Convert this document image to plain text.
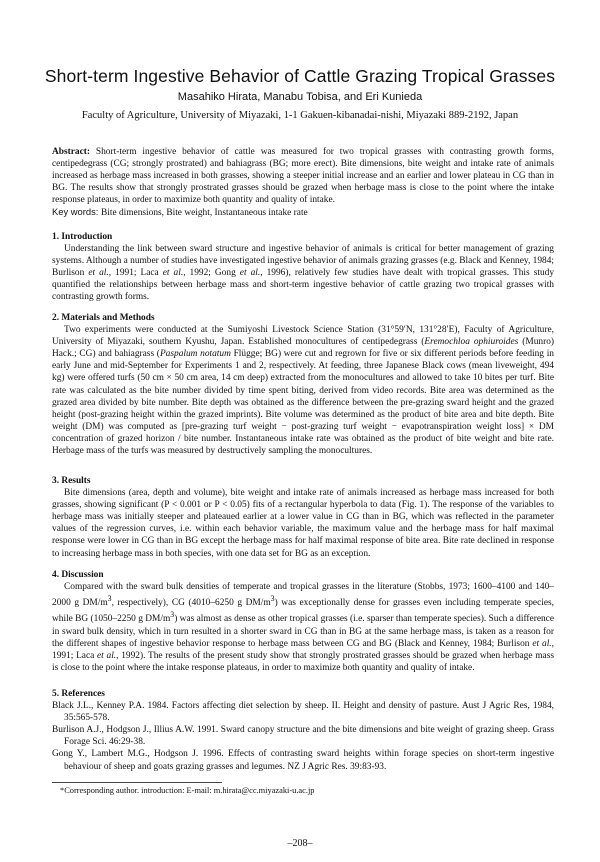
Short-term Ingestive Behavior of Cattle Grazing Tropical Grasses
Masahiko Hirata, Manabu Tobisa, and Eri Kunieda
Faculty of Agriculture, University of Miyazaki, 1-1 Gakuen-kibanadai-nishi, Miyazaki 889-2192, Japan

Abstract: Short-term ingestive behavior of cattle was measured for two tropical grasses with contrasting growth forms, centipedegrass (CG; strongly prostrated) and bahiagrass (BG; more erect). Bite dimensions, bite weight and intake rate of animals increased as herbage mass increased in both grasses, showing a steeper initial increase and an earlier and lower plateau in CG than in BG. The results show that strongly prostrated grasses should be grazed when herbage mass is close to the point where the intake response plateaus, in order to maximize both quantity and quality of intake.

Key words: Bite dimensions, Bite weight, Instantaneous intake rate

1. Introduction

Understanding the link between sward structure and ingestive behavior of animals is critical for better management of grazing systems. Although a number of studies have investigated ingestive behavior of animals grazing grasses (e.g. Black and Kenney, 1984; Burlison et al., 1991; Laca et al., 1992; Gong et al., 1996), relatively few studies have dealt with tropical grasses. This study quantified the relationships between herbage mass and short-term ingestive behavior of cattle grazing two tropical grasses with contrasting growth forms.

2. Materials and Methods

Two experiments were conducted at the Sumiyoshi Livestock Science Station (31°59′N, 131°28′E), Faculty of Agriculture, University of Miyazaki, southern Kyushu, Japan. Established monocultures of centipedegrass (Eremochloa ophiuroides (Munro) Hack.; CG) and bahiagrass (Paspalum notatum Flügge; BG) were cut and regrown for five or six different periods before feeding in early June and mid-September for Experiments 1 and 2, respectively. At feeding, three Japanese Black cows (mean liveweight, 494 kg) were offered turfs (50 cm × 50 cm area, 14 cm deep) extracted from the monocultures and allowed to take 10 bites per turf. Bite rate was calculated as the bite number divided by time spent biting, derived from video records. Bite area was determined as the grazed area divided by bite number. Bite depth was obtained as the difference between the pre-grazing sward height and the grazed height (post-grazing height within the grazed imprints). Bite volume was determined as the product of bite area and bite depth. Bite weight (DM) was computed as [pre-grazing turf weight − post-grazing turf weight − evapotranspiration weight loss] × DM concentration of grazed horizon / bite number. Instantaneous intake rate was obtained as the product of bite weight and bite rate. Herbage mass of the turfs was measured by destructively sampling the monocultures.

3. Results

Bite dimensions (area, depth and volume), bite weight and intake rate of animals increased as herbage mass increased for both grasses, showing significant (P < 0.001 or P < 0.05) fits of a rectangular hyperbola to data (Fig. 1). The response of the variables to herbage mass was initially steeper and plateaued earlier at a lower value in CG than in BG, which was reflected in the parameter values of the regression curves, i.e. within each behavior variable, the maximum value and the herbage mass for half maximal response were lower in CG than in BG except the herbage mass for half maximal response of bite area. Bite rate declined in response to increasing herbage mass in both species, with one data set for BG as an exception.

4. Discussion

Compared with the sward bulk densities of temperate and tropical grasses in the literature (Stobbs, 1973; 1600–4100 and 140–2000 g $DM/m^3$, respectively), CG (4010–6250 g $DM/m^3$) was exceptionally dense for grasses even including temperate species, while BG (1050–2250 g $DM/m^3$) was almost as dense as other tropical grasses (i.e. sparser than temperate species). Such a difference in sward bulk density, which in turn resulted in a shorter sward in CG than in BG at the same herbage mass, is taken as a reason for the different shapes of ingestive behavior response to herbage mass between CG and BG (Black and Kenney, 1984; Burlison et al., 1991; Laca et al., 1992). The results of the present study show that strongly prostrated grasses should be grazed when herbage mass is close to the point where the intake response plateaus, in order to maximize both quantity and quality of intake.

5. References

Black J.L., Kenney P.A. 1984. Factors affecting diet selection by sheep. II. Height and density of pasture. Aust J Agric Res, 1984, 35:565-578.

Burlison A.J., Hodgson J., Illius A.W. 1991. Sward canopy structure and the bite dimensions and bite weight of grazing sheep. Grass Forage Sci. 46:29-38.

Gong Y., Lambert M.G., Hodgson J. 1996. Effects of contrasting sward heights within forage species on short-term ingestive behaviour of sheep and goats grazing grasses and legumes. NZ J Agric Res. 39:83-93.

*Corresponding author. introduction: E-mail: m.hirata@cc.miyazaki-u.ac.jp
–208–
